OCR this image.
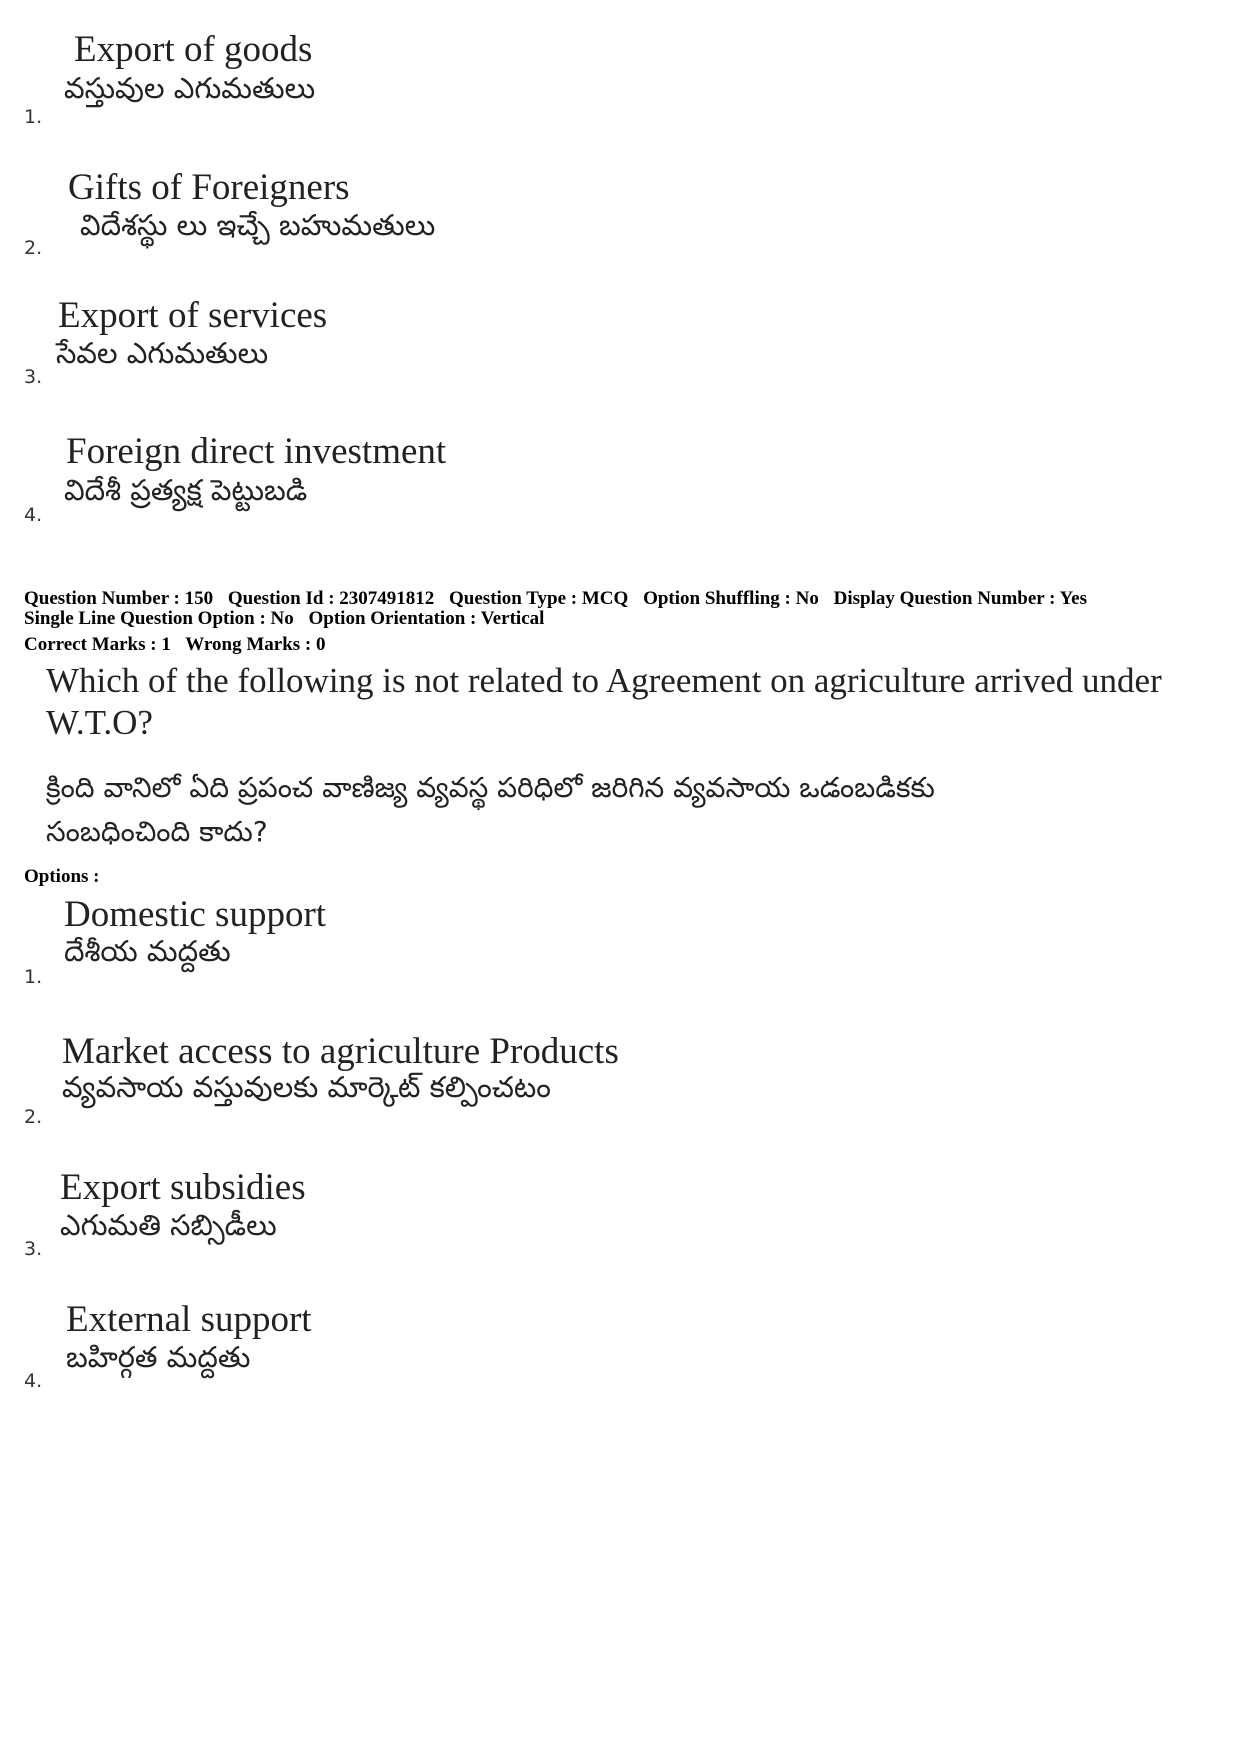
Export of goods
వస్తువుల ఎగుమతులు
1.
Gifts of Foreigners
విదేశస్థు లు ఇచ్చే బహుమతులు
2.
Export of services
సేవల ఎగుమతులు
3.
Foreign direct investment
విదేశీ ప్రత్యక్ష పెట్టుబడి
4.
Question Number : 150 Question Id : 2307491812 Question Type : MCQ Option Shuffling : No Display Question Number : Yes
Single Line Question Option : No Option Orientation : Vertical
Correct Marks : 1 Wrong Marks : 0
Which of the following is not related to Agreement on agriculture arrived under W.T.O?
క్రింది వానిలో ఏది ప్రపంచ వాణిజ్య వ్యవస్థ పరిధిలో జరిగిన వ్యవసాయ ఒడంబడికకు
సంబధించింది కాదు?
Options :
Domestic support
దేశీయ మద్దతు
1.
Market access to agriculture Products
వ్యవసాయ వస్తువులకు మార్కెట్ కల్పించటం
2.
Export subsidies
ఎగుమతి సబ్సిడీలు
3.
External support
బహిర్గత మద్దతు
4.
